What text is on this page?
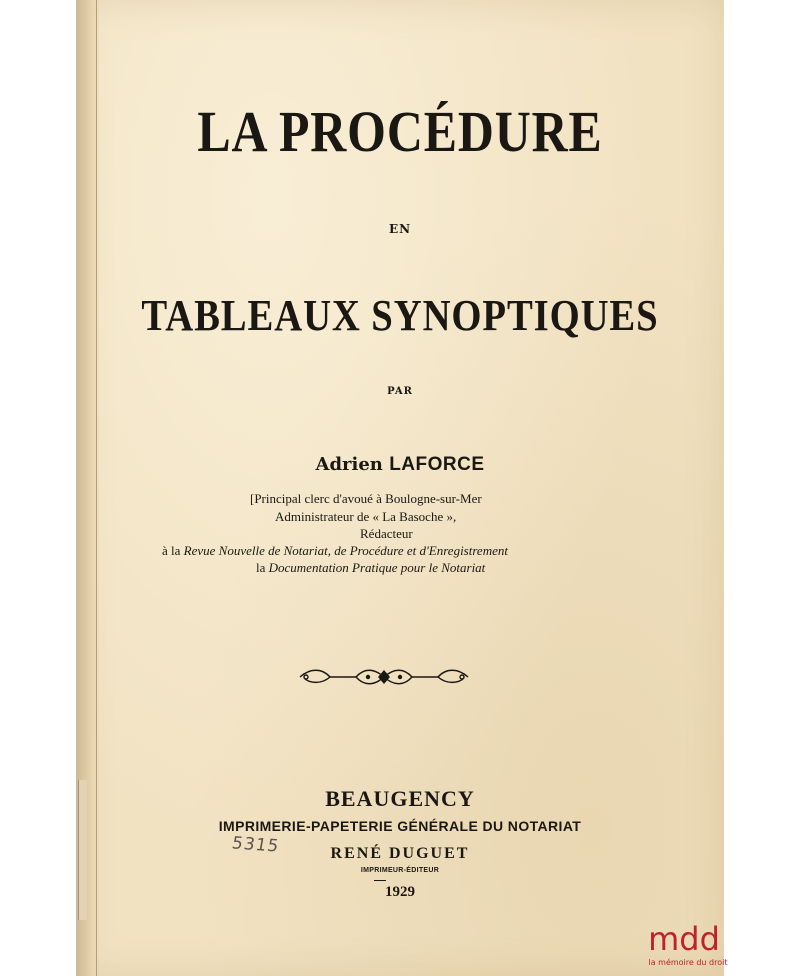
LA PROCÉDURE
EN
TABLEAUX SYNOPTIQUES
PAR
Adrien LAFORCE
[Principal clerc d'avoué à Boulogne-sur-Mer
Administrateur de « La Basoche »,
Rédacteur
à la Revue Nouvelle de Notariat, de Procédure et d'Enregistrement
la Documentation Pratique pour le Notariat
BEAUGENCY
IMPRIMERIE-PAPETERIE GÉNÉRALE DU NOTARIAT
RENÉ DUGUET
IMPRIMEUR-ÉDITEUR
1929
5315
mdd
la mémoire du droit
